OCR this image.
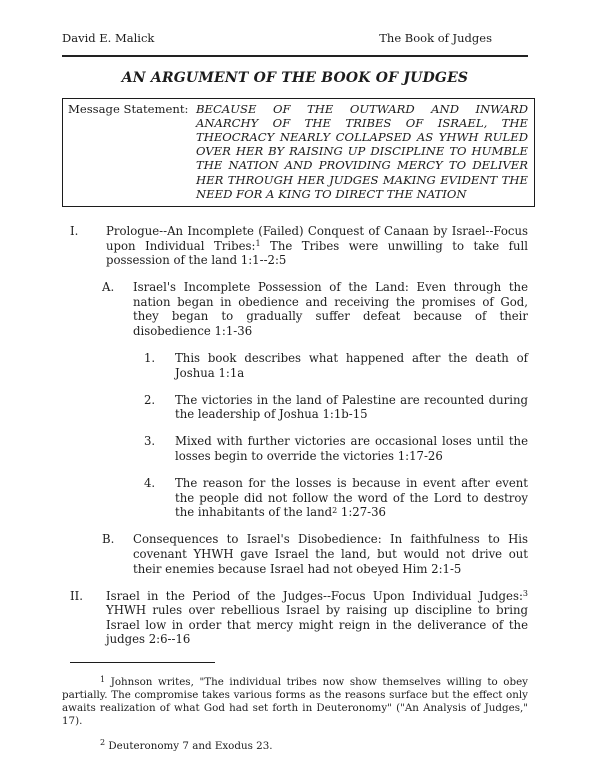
David E. Malick	The Book of Judges
AN ARGUMENT OF THE BOOK OF JUDGES
Message Statement: BECAUSE OF THE OUTWARD AND INWARD ANARCHY OF THE TRIBES OF ISRAEL, THE THEOCRACY NEARLY COLLAPSED AS YHWH RULED OVER HER BY RAISING UP DISCIPLINE TO HUMBLE THE NATION AND PROVIDING MERCY TO DELIVER HER THROUGH HER JUDGES MAKING EVIDENT THE NEED FOR A KING TO DIRECT THE NATION
I.	Prologue--An Incomplete (Failed) Conquest of Canaan by Israel--Focus upon Individual Tribes:$^1$ The Tribes were unwilling to take full possession of the land 1:1--2:5
A.	Israel's Incomplete Possession of the Land: Even through the nation began in obedience and receiving the promises of God, they began to gradually suffer defeat because of their disobedience 1:1-36
1.	This book describes what happened after the death of Joshua 1:1a
2.	The victories in the land of Palestine are recounted during the leadership of Joshua 1:1b-15
3.	Mixed with further victories are occasional loses until the losses begin to override the victories 1:17-26
4.	The reason for the losses is because in event after event the people did not follow the word of the Lord to destroy the inhabitants of the land$^2$ 1:27-36
B.	Consequences to Israel's Disobedience: In faithfulness to His covenant YHWH gave Israel the land, but would not drive out their enemies because Israel had not obeyed Him 2:1-5
II.	Israel in the Period of the Judges--Focus Upon Individual Judges:$^3$ YHWH rules over rebellious Israel by raising up discipline to bring Israel low in order that mercy might reign in the deliverance of the judges 2:6--16

$^1$ Johnson writes, "The individual tribes now show themselves willing to obey partially. The compromise takes various forms as the reasons surface but the effect only awaits realization of what God had set forth in Deuteronomy" ("An Analysis of Judges," 17).

$^2$ Deuteronomy 7 and Exodus 23.
